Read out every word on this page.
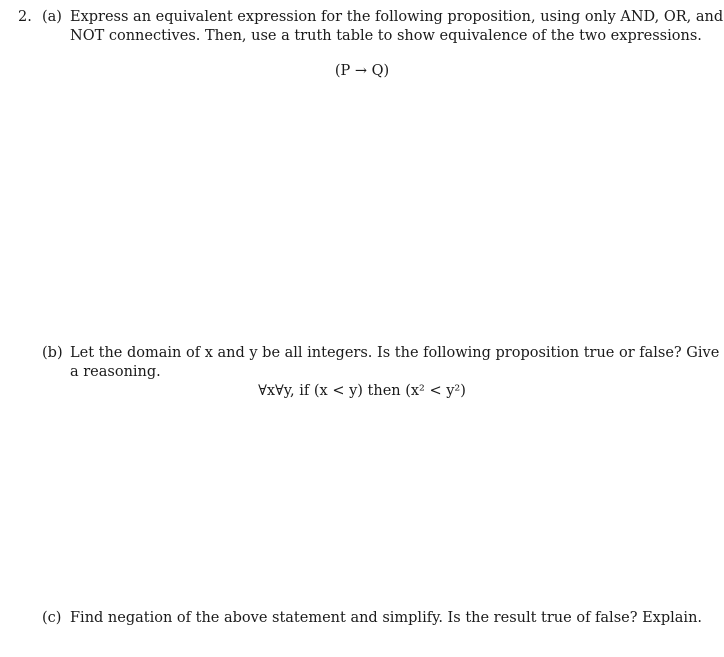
2. (a) Express an equivalent expression for the following proposition, using only AND, OR, and
NOT connectives. Then, use a truth table to show equivalence of the two expressions.
(P → Q)
(b) Let the domain of x and y be all integers. Is the following proposition true or false? Give
a reasoning.
∀x∀y, if (x < y) then (x² < y²)
(c) Find negation of the above statement and simplify. Is the result true of false? Explain.
